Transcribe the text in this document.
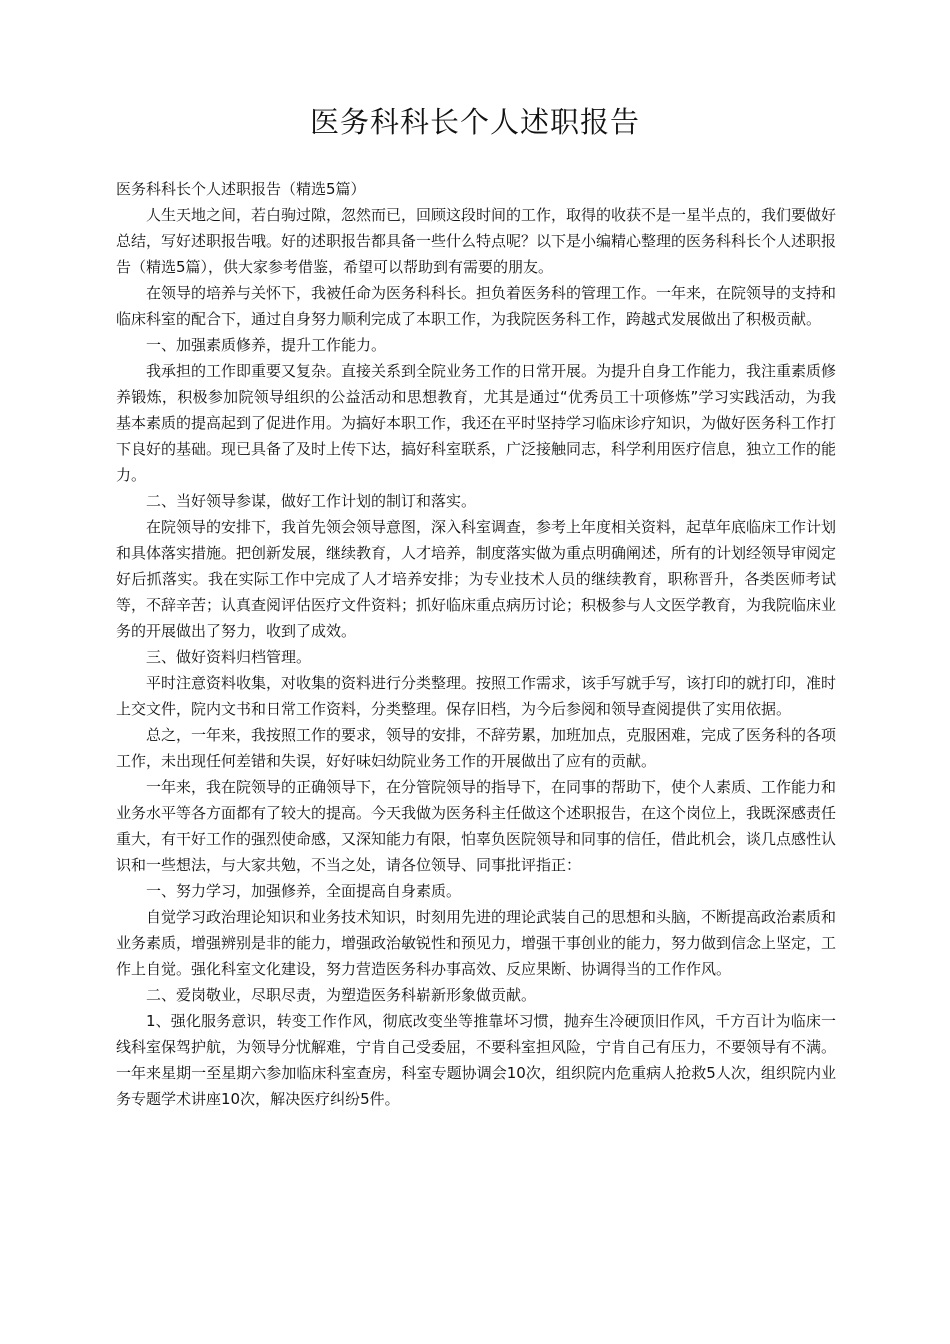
医务科科长个人述职报告

医务科科长个人述职报告（精选5篇）

人生天地之间，若白驹过隙，忽然而已，回顾这段时间的工作，取得的收获不是一星半点的，我们要做好总结，写好述职报告哦。好的述职报告都具备一些什么特点呢？以下是小编精心整理的医务科科长个人述职报告（精选5篇），供大家参考借鉴，希望可以帮助到有需要的朋友。

在领导的培养与关怀下，我被任命为医务科科长。担负着医务科的管理工作。一年来，在院领导的支持和临床科室的配合下，通过自身努力顺利完成了本职工作，为我院医务科工作，跨越式发展做出了积极贡献。

一、加强素质修养，提升工作能力。

我承担的工作即重要又复杂。直接关系到全院业务工作的日常开展。为提升自身工作能力，我注重素质修养锻炼，积极参加院领导组织的公益活动和思想教育，尤其是通过“优秀员工十项修炼”学习实践活动，为我基本素质的提高起到了促进作用。为搞好本职工作，我还在平时坚持学习临床诊疗知识，为做好医务科工作打下良好的基础。现已具备了及时上传下达，搞好科室联系，广泛接触同志，科学利用医疗信息，独立工作的能力。

二、当好领导参谋，做好工作计划的制订和落实。

在院领导的安排下，我首先领会领导意图，深入科室调查，参考上年度相关资料，起草年底临床工作计划和具体落实措施。把创新发展，继续教育，人才培养，制度落实做为重点明确阐述，所有的计划经领导审阅定好后抓落实。我在实际工作中完成了人才培养安排；为专业技术人员的继续教育，职称晋升，各类医师考试等，不辞辛苦；认真查阅评估医疗文件资料；抓好临床重点病历讨论；积极参与人文医学教育，为我院临床业务的开展做出了努力，收到了成效。

三、做好资料归档管理。

平时注意资料收集，对收集的资料进行分类整理。按照工作需求，该手写就手写，该打印的就打印，准时上交文件，院内文书和日常工作资料，分类整理。保存旧档，为今后参阅和领导查阅提供了实用依据。

总之，一年来，我按照工作的要求，领导的安排，不辞劳累，加班加点，克服困难，完成了医务科的各项工作，未出现任何差错和失误，好好味妇幼院业务工作的开展做出了应有的贡献。

一年来，我在院领导的正确领导下，在分管院领导的指导下，在同事的帮助下，使个人素质、工作能力和业务水平等各方面都有了较大的提高。今天我做为医务科主任做这个述职报告，在这个岗位上，我既深感责任重大，有干好工作的强烈使命感，又深知能力有限，怕辜负医院领导和同事的信任，借此机会，谈几点感性认识和一些想法，与大家共勉，不当之处，请各位领导、同事批评指正：

一、努力学习，加强修养，全面提高自身素质。

自觉学习政治理论知识和业务技术知识，时刻用先进的理论武装自己的思想和头脑，不断提高政治素质和业务素质，增强辨别是非的能力，增强政治敏锐性和预见力，增强干事创业的能力，努力做到信念上坚定，工作上自觉。强化科室文化建设，努力营造医务科办事高效、反应果断、协调得当的工作作风。

二、爱岗敬业，尽职尽责，为塑造医务科崭新形象做贡献。

1、强化服务意识，转变工作作风，彻底改变坐等推靠坏习惯，抛弃生冷硬顶旧作风，千方百计为临床一线科室保驾护航，为领导分忧解难，宁肯自己受委屈，不要科室担风险，宁肯自己有压力，不要领导有不满。一年来星期一至星期六参加临床科室查房，科室专题协调会10次，组织院内危重病人抢救5人次，组织院内业务专题学术讲座10次，解决医疗纠纷5件。
